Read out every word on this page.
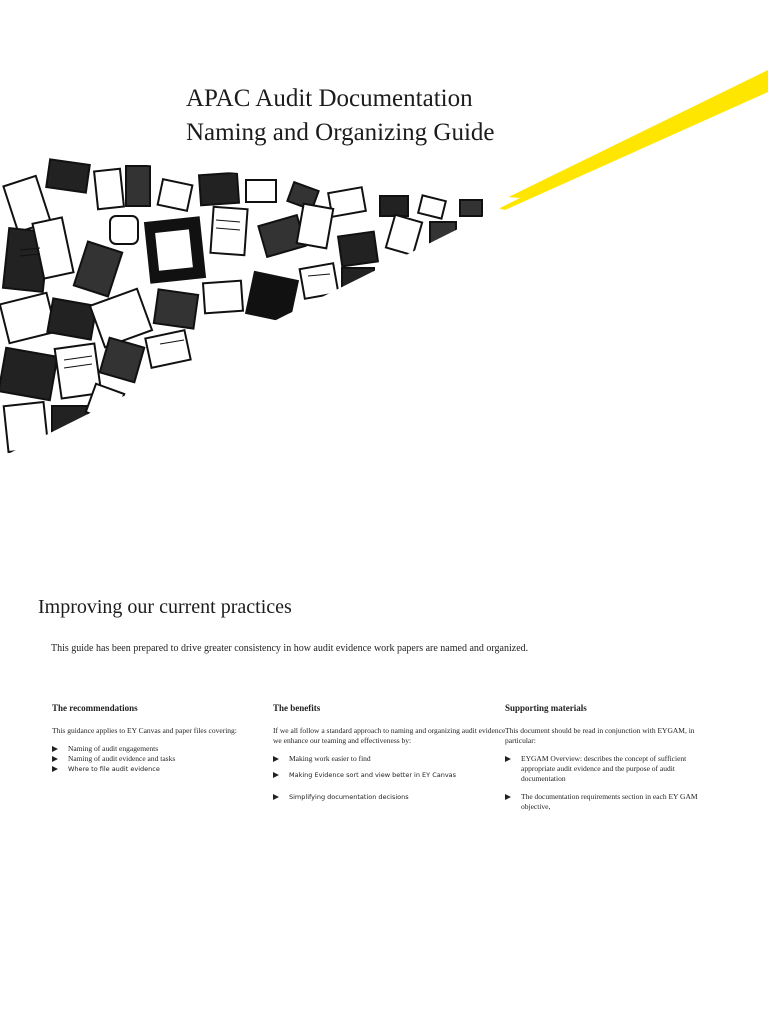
APAC Audit Documentation
Naming and Organizing Guide
Improving our current practices

This guide has been prepared to drive greater consistency in how audit evidence work papers are named and organized.

The recommendations

This guidance applies to EY Canvas and paper files covering:

Naming of audit engagements
Naming of audit evidence and tasks
Where to file audit evidence
The benefits

If we all follow a standard approach to naming and organizing audit evidence we enhance our teaming and effectiveness by:

Making work easier to find
Making Evidence sort and view better in EY Canvas
Simplifying documentation decisions
Supporting materials

This document should be read in conjunction with EYGAM, in particular:

EYGAM Overview: describes the concept of sufficient appropriate audit evidence and the purpose of audit documentation
The documentation requirements section in each EY GAM objective,
